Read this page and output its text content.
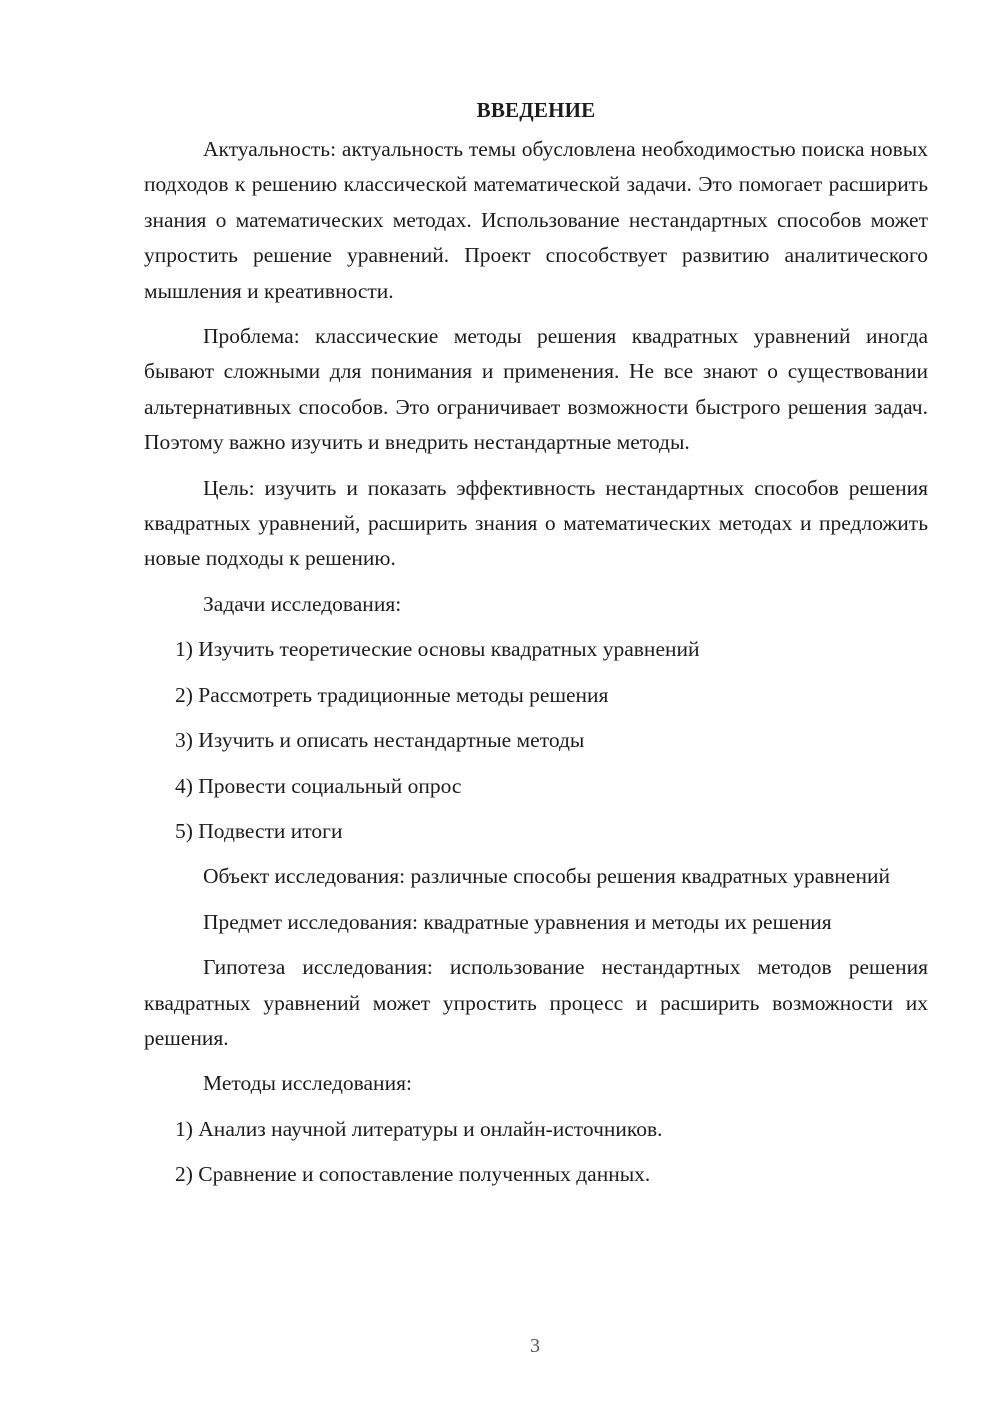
ВВЕДЕНИЕ

Актуальность: актуальность темы обусловлена необходимостью поиска новых подходов к решению классической математической задачи. Это помогает расширить знания о математических методах. Использование нестандартных способов может упростить решение уравнений. Проект способствует развитию аналитического мышления и креативности.

Проблема: классические методы решения квадратных уравнений иногда бывают сложными для понимания и применения. Не все знают о существовании альтернативных способов. Это ограничивает возможности быстрого решения задач. Поэтому важно изучить и внедрить нестандартные методы.

Цель: изучить и показать эффективность нестандартных способов решения квадратных уравнений, расширить знания о математических методах и предложить новые подходы к решению.

Задачи исследования:

1) Изучить теоретические основы квадратных уравнений

2) Рассмотреть традиционные методы решения

3) Изучить и описать нестандартные методы

4) Провести социальный опрос

5) Подвести итоги

Объект исследования: различные способы решения квадратных уравнений

Предмет исследования: квадратные уравнения и методы их решения

Гипотеза исследования: использование нестандартных методов решения квадратных уравнений может упростить процесс и расширить возможности их решения.

Методы исследования:

1) Анализ научной литературы и онлайн-источников.

2) Сравнение и сопоставление полученных данных.

3
